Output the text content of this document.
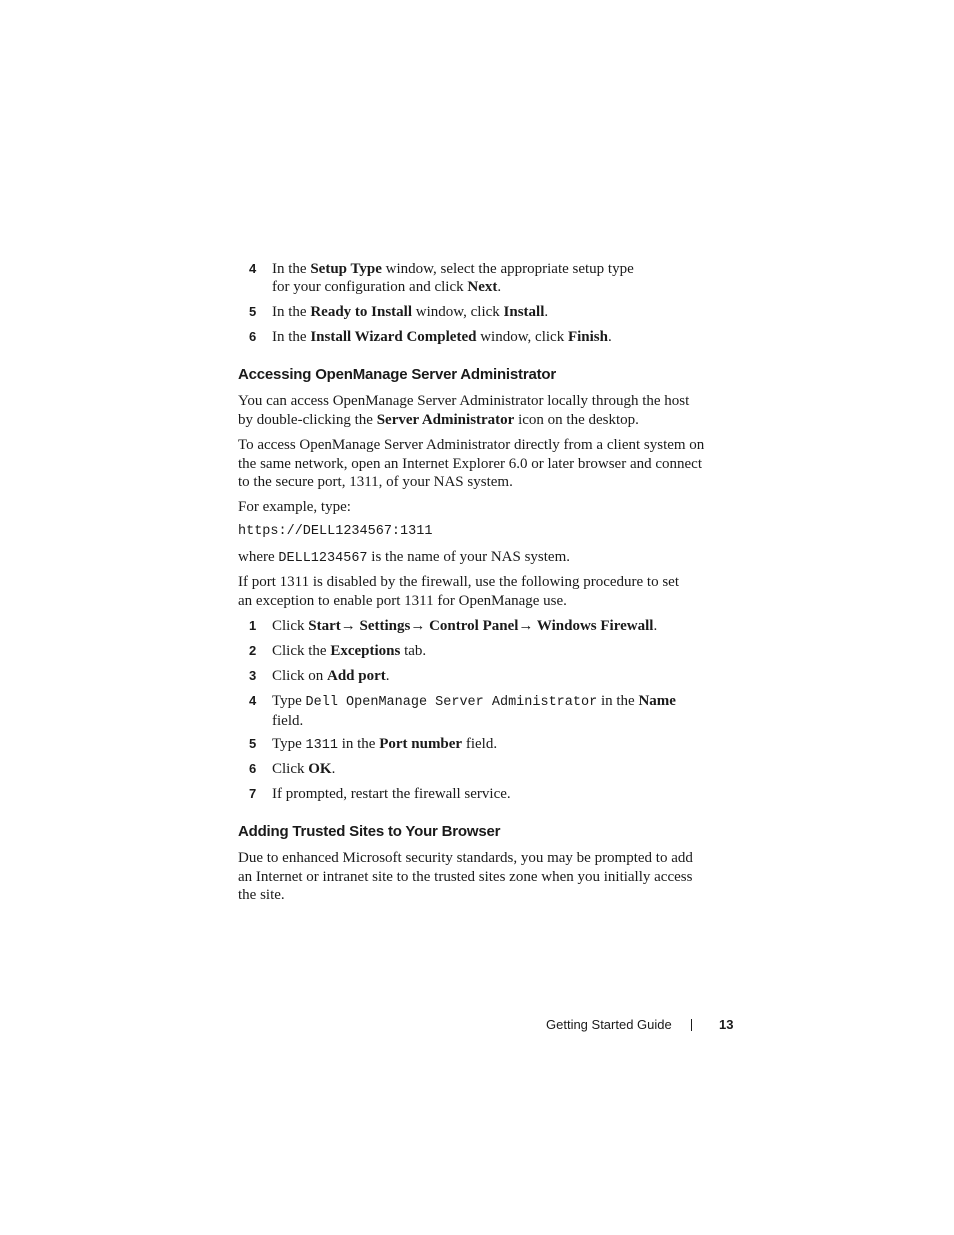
4 In the Setup Type window, select the appropriate setup type
for your configuration and click Next.
5 In the Ready to Install window, click Install.
6 In the Install Wizard Completed window, click Finish.
Accessing OpenManage Server Administrator
You can access OpenManage Server Administrator locally through the host
by double-clicking the Server Administrator icon on the desktop.
To access OpenManage Server Administrator directly from a client system on
the same network, open an Internet Explorer 6.0 or later browser and connect
to the secure port, 1311, of your NAS system.
For example, type:
https://DELL1234567:1311
where DELL1234567 is the name of your NAS system.
If port 1311 is disabled by the firewall, use the following procedure to set
an exception to enable port 1311 for OpenManage use.
1 Click Start→ Settings→ Control Panel→ Windows Firewall.
2 Click the Exceptions tab.
3 Click on Add port.
4 Type Dell OpenManage Server Administrator in the Name
field.
5 Type 1311 in the Port number field.
6 Click OK.
7 If prompted, restart the firewall service.
Adding Trusted Sites to Your Browser
Due to enhanced Microsoft security standards, you may be prompted to add
an Internet or intranet site to the trusted sites zone when you initially access
the site.
Getting Started Guide	13
